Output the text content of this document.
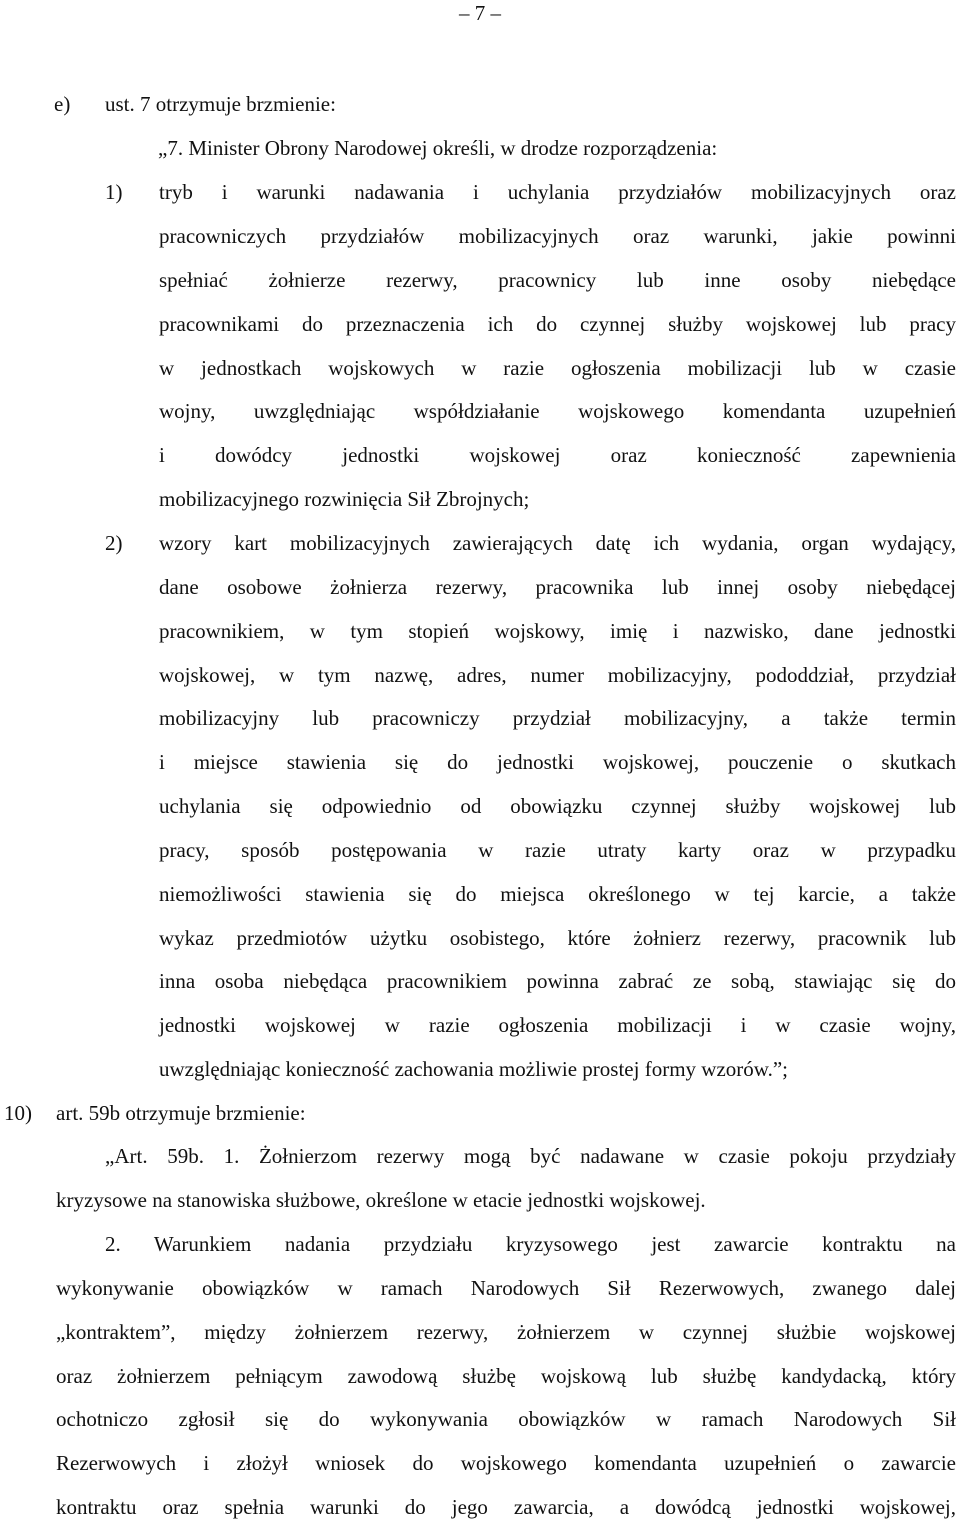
– 7 –
e) ust. 7 otrzymuje brzmienie:
„7. Minister Obrony Narodowej określi, w drodze rozporządzenia:
1) tryb i warunki nadawania i uchylania przydziałów mobilizacyjnych oraz
pracowniczych przydziałów mobilizacyjnych oraz warunki, jakie powinni
spełniać żołnierze rezerwy, pracownicy lub inne osoby niebędące
pracownikami do przeznaczenia ich do czynnej służby wojskowej lub pracy
w jednostkach wojskowych w razie ogłoszenia mobilizacji lub w czasie
wojny, uwzględniając współdziałanie wojskowego komendanta uzupełnień
i dowódcy jednostki wojskowej oraz konieczność zapewnienia
mobilizacyjnego rozwinięcia Sił Zbrojnych;
2) wzory kart mobilizacyjnych zawierających datę ich wydania, organ wydający,
dane osobowe żołnierza rezerwy, pracownika lub innej osoby niebędącej
pracownikiem, w tym stopień wojskowy, imię i nazwisko, dane jednostki
wojskowej, w tym nazwę, adres, numer mobilizacyjny, pododdział, przydział
mobilizacyjny lub pracowniczy przydział mobilizacyjny, a także termin
i miejsce stawienia się do jednostki wojskowej, pouczenie o skutkach
uchylania się odpowiednio od obowiązku czynnej służby wojskowej lub
pracy, sposób postępowania w razie utraty karty oraz w przypadku
niemożliwości stawienia się do miejsca określonego w tej karcie, a także
wykaz przedmiotów użytku osobistego, które żołnierz rezerwy, pracownik lub
inna osoba niebędąca pracownikiem powinna zabrać ze sobą, stawiając się do
jednostki wojskowej w razie ogłoszenia mobilizacji i w czasie wojny,
uwzględniając konieczność zachowania możliwie prostej formy wzorów.”;
10) art. 59b otrzymuje brzmienie:
„Art. 59b. 1. Żołnierzom rezerwy mogą być nadawane w czasie pokoju przydziały
kryzysowe na stanowiska służbowe, określone w etacie jednostki wojskowej.
2. Warunkiem nadania przydziału kryzysowego jest zawarcie kontraktu na
wykonywanie obowiązków w ramach Narodowych Sił Rezerwowych, zwanego dalej
„kontraktem”, między żołnierzem rezerwy, żołnierzem w czynnej służbie wojskowej
oraz żołnierzem pełniącym zawodową służbę wojskową lub służbę kandydacką, który
ochotniczo zgłosił się do wykonywania obowiązków w ramach Narodowych Sił
Rezerwowych i złożył wniosek do wojskowego komendanta uzupełnień o zawarcie
kontraktu oraz spełnia warunki do jego zawarcia, a dowódcą jednostki wojskowej,
